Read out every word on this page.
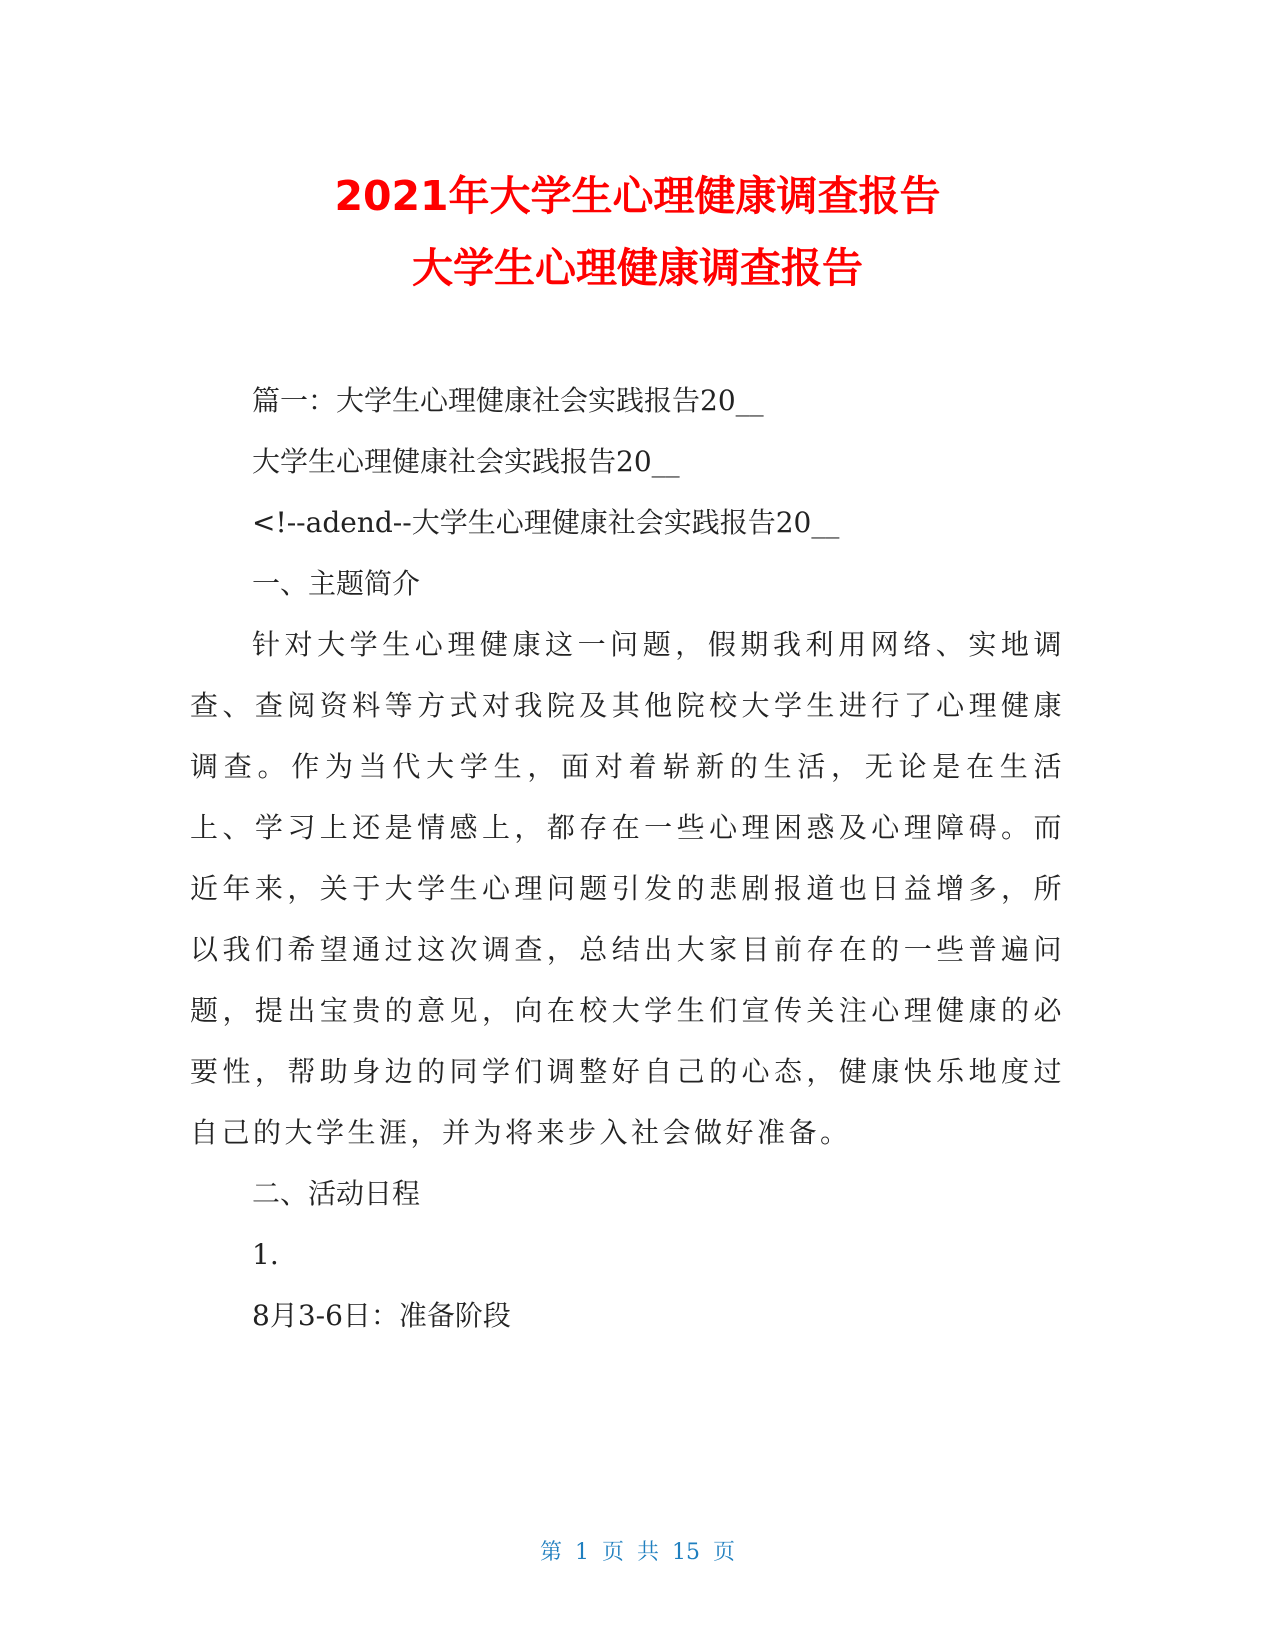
2021年大学生心理健康调查报告
大学生心理健康调查报告

篇一：大学生心理健康社会实践报告20__

大学生心理健康社会实践报告20__

<!--adend--大学生心理健康社会实践报告20__

一、主题简介

针对大学生心理健康这一问题，假期我利用网络、实地调查、查阅资料等方式对我院及其他院校大学生进行了心理健康调查。作为当代大学生，面对着崭新的生活，无论是在生活上、学习上还是情感上，都存在一些心理困惑及心理障碍。而近年来，关于大学生心理问题引发的悲剧报道也日益增多，所以我们希望通过这次调查，总结出大家目前存在的一些普遍问题，提出宝贵的意见，向在校大学生们宣传关注心理健康的必要性，帮助身边的同学们调整好自己的心态，健康快乐地度过自己的大学生涯，并为将来步入社会做好准备。

二、活动日程

1.

8月3-6日：准备阶段

第 1 页 共 15 页
